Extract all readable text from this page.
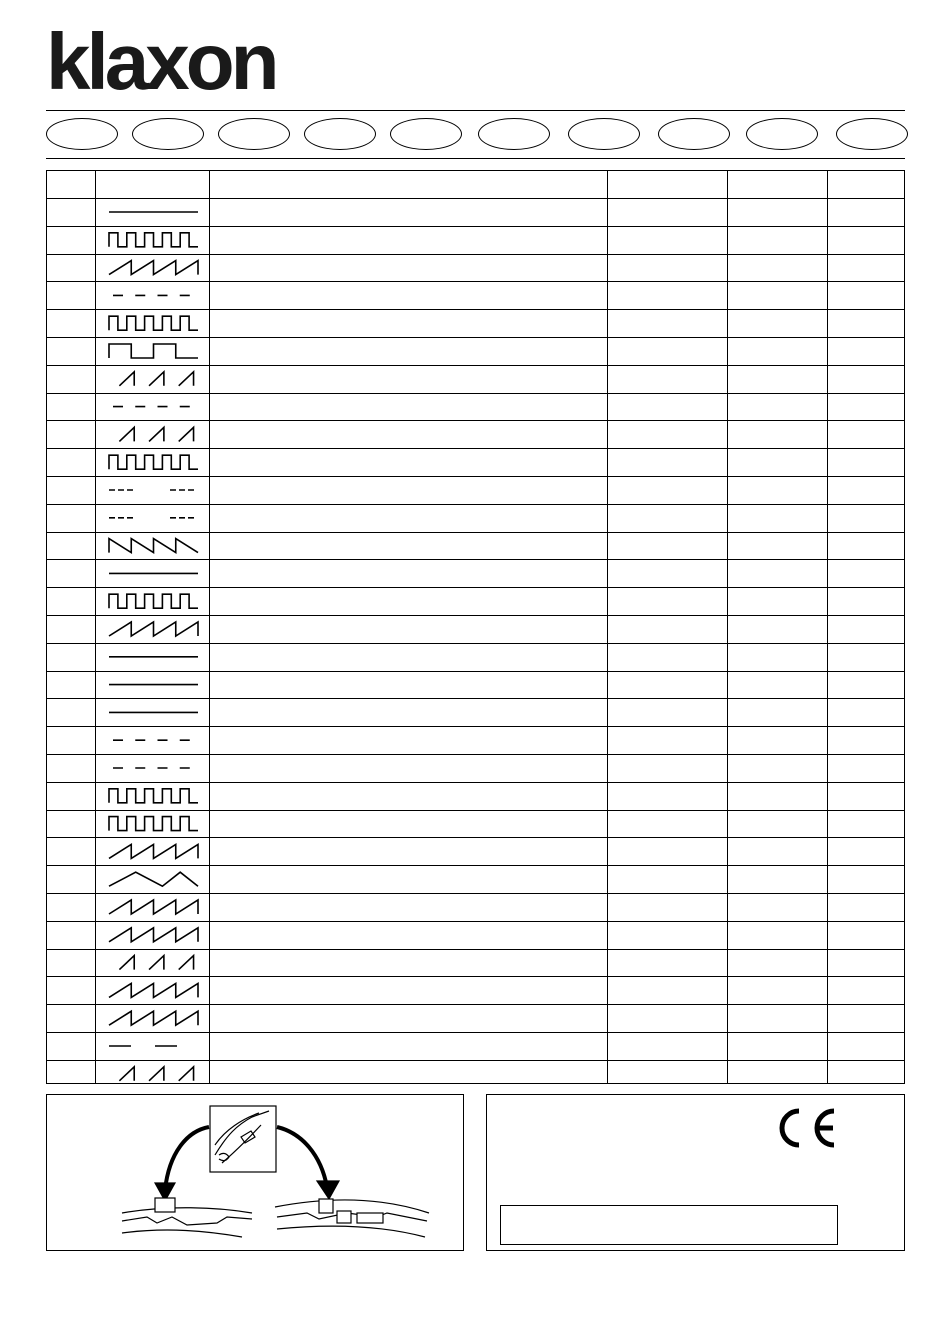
klaxon
